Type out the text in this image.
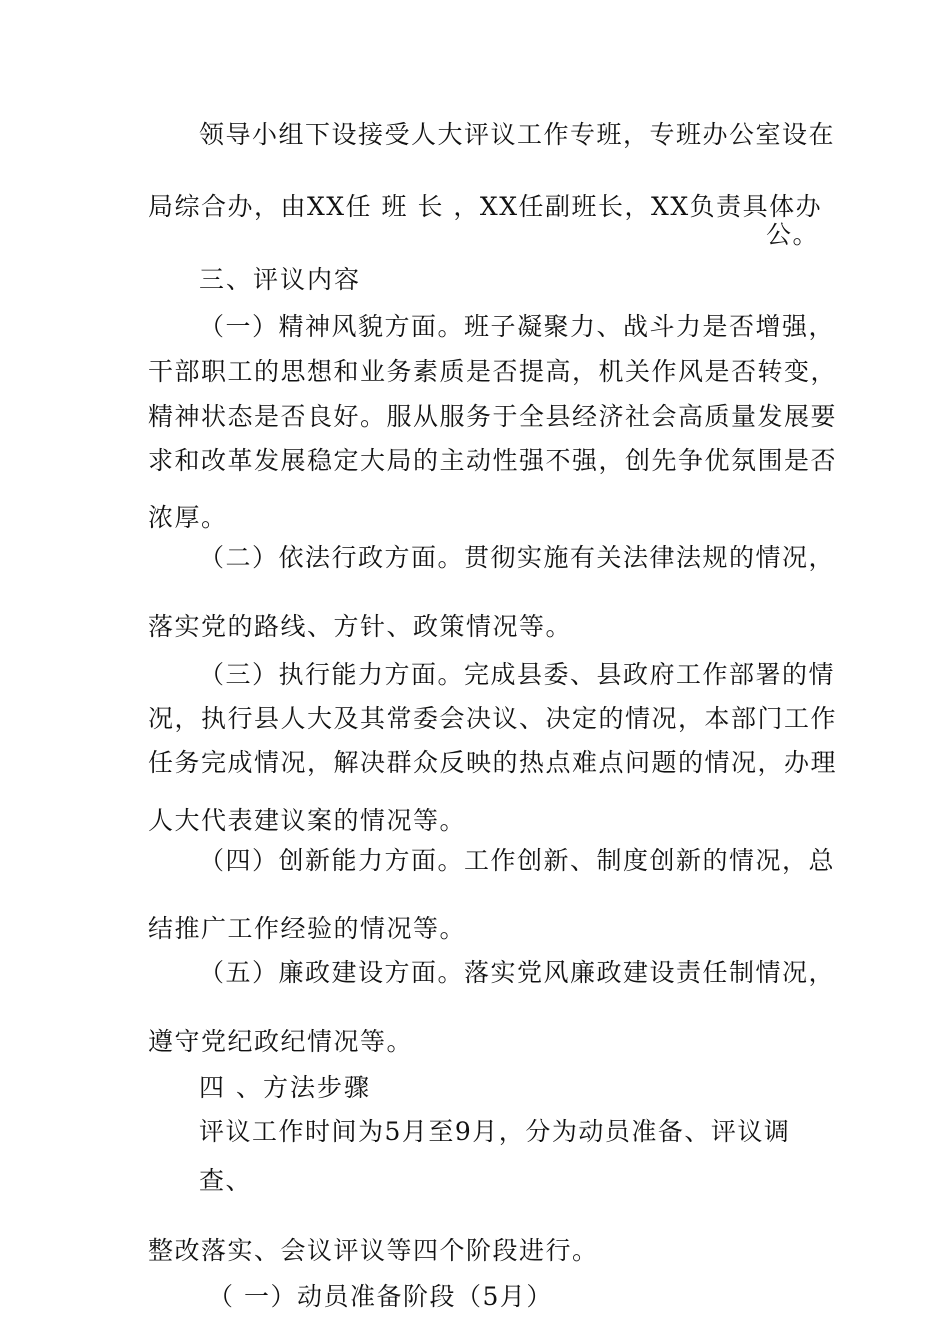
领导小组下设接受人大评议工作专班，专班办公室设在
局综合办，由XX任 班 长 ，XX任副班长，XX负责具体办
公。
三、评议内容
（一）精神风貌方面。班子凝聚力、战斗力是否增强，
干部职工的思想和业务素质是否提高，机关作风是否转变，
精神状态是否良好。服从服务于全县经济社会高质量发展要
求和改革发展稳定大局的主动性强不强，创先争优氛围是否
浓厚。
（二）依法行政方面。贯彻实施有关法律法规的情况，
落实党的路线、方针、政策情况等。
（三）执行能力方面。完成县委、县政府工作部署的情
况，执行县人大及其常委会决议、决定的情况，本部门工作
任务完成情况，解决群众反映的热点难点问题的情况，办理
人大代表建议案的情况等。
（四）创新能力方面。工作创新、制度创新的情况，总
结推广工作经验的情况等。
（五）廉政建设方面。落实党风廉政建设责任制情况，
遵守党纪政纪情况等。
四 、方法步骤
评议工作时间为5月至9月，分为动员准备、评议调
查、
整改落实、会议评议等四个阶段进行。
（ 一）动员准备阶段（5月）
